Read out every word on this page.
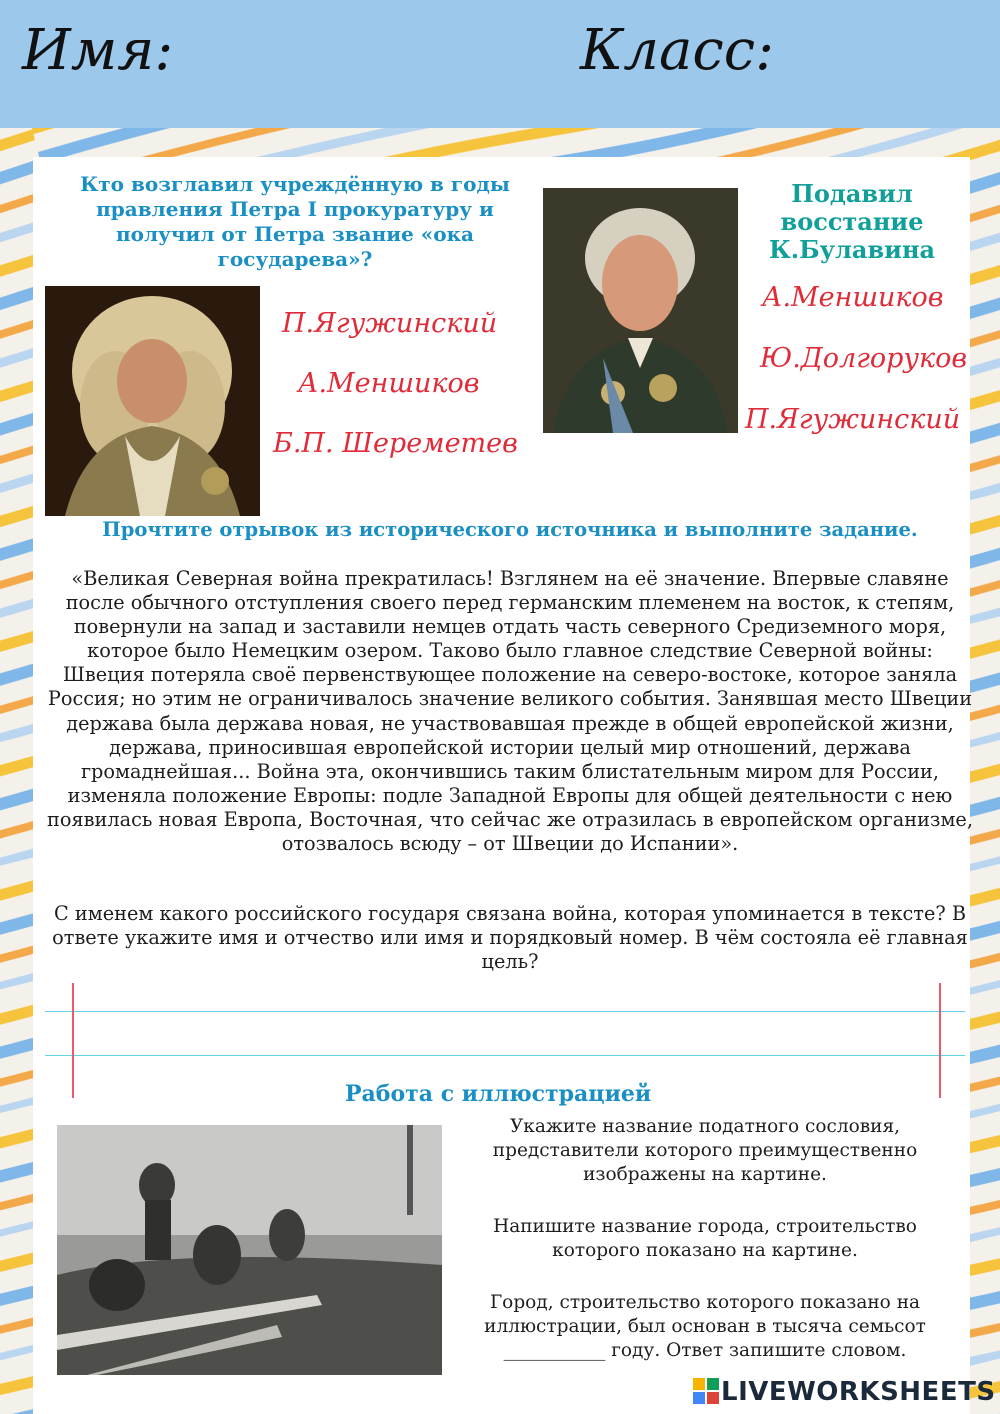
Имя:	Класс:
Кто возглавил учреждённую в годы правления Петра I прокуратуру и получил от Петра звание «ока государева»?
П.Ягужинский
А.Меншиков
Б.П. Шереметев
Подавил восстание К.Булавина
А.Меншиков
Ю.Долгоруков
П.Ягужинский
Прочтите отрывок из исторического источника и выполните задание.
«Великая Северная война прекратилась! Взглянем на её значение. Впервые славяне после обычного отступления своего перед германским племенем на восток, к степям, повернули на запад и заставили немцев отдать часть северного Средиземного моря, которое было Немецким озером. Таково было главное следствие Северной войны: Швеция потеряла своё первенствующее положение на северо-востоке, которое заняла Россия; но этим не ограничивалось значение великого события. Занявшая место Швеции держава была держава новая, не участвовавшая прежде в общей европейской жизни, держава, приносившая европейской истории целый мир отношений, держава громаднейшая... Война эта, окончившись таким блистательным миром для России, изменяла положение Европы: подле Западной Европы для общей деятельности с нею появилась новая Европа, Восточная, что сейчас же отразилась в европейском организме, отозвалось всюду – от Швеции до Испании».
С именем какого российского государя связана война, которая упоминается в тексте? В ответе укажите имя и отчество или имя и порядковый номер. В чём состояла её главная цель?
Работа с иллюстрацией
Укажите название податного сословия, представители которого преимущественно изображены на картине.
Напишите название города, строительство которого показано на картине.
Город, строительство которого показано на иллюстрации, был основан в тысяча семьсот ___________ году. Ответ запишите словом.
LIVEWORKSHEETS
